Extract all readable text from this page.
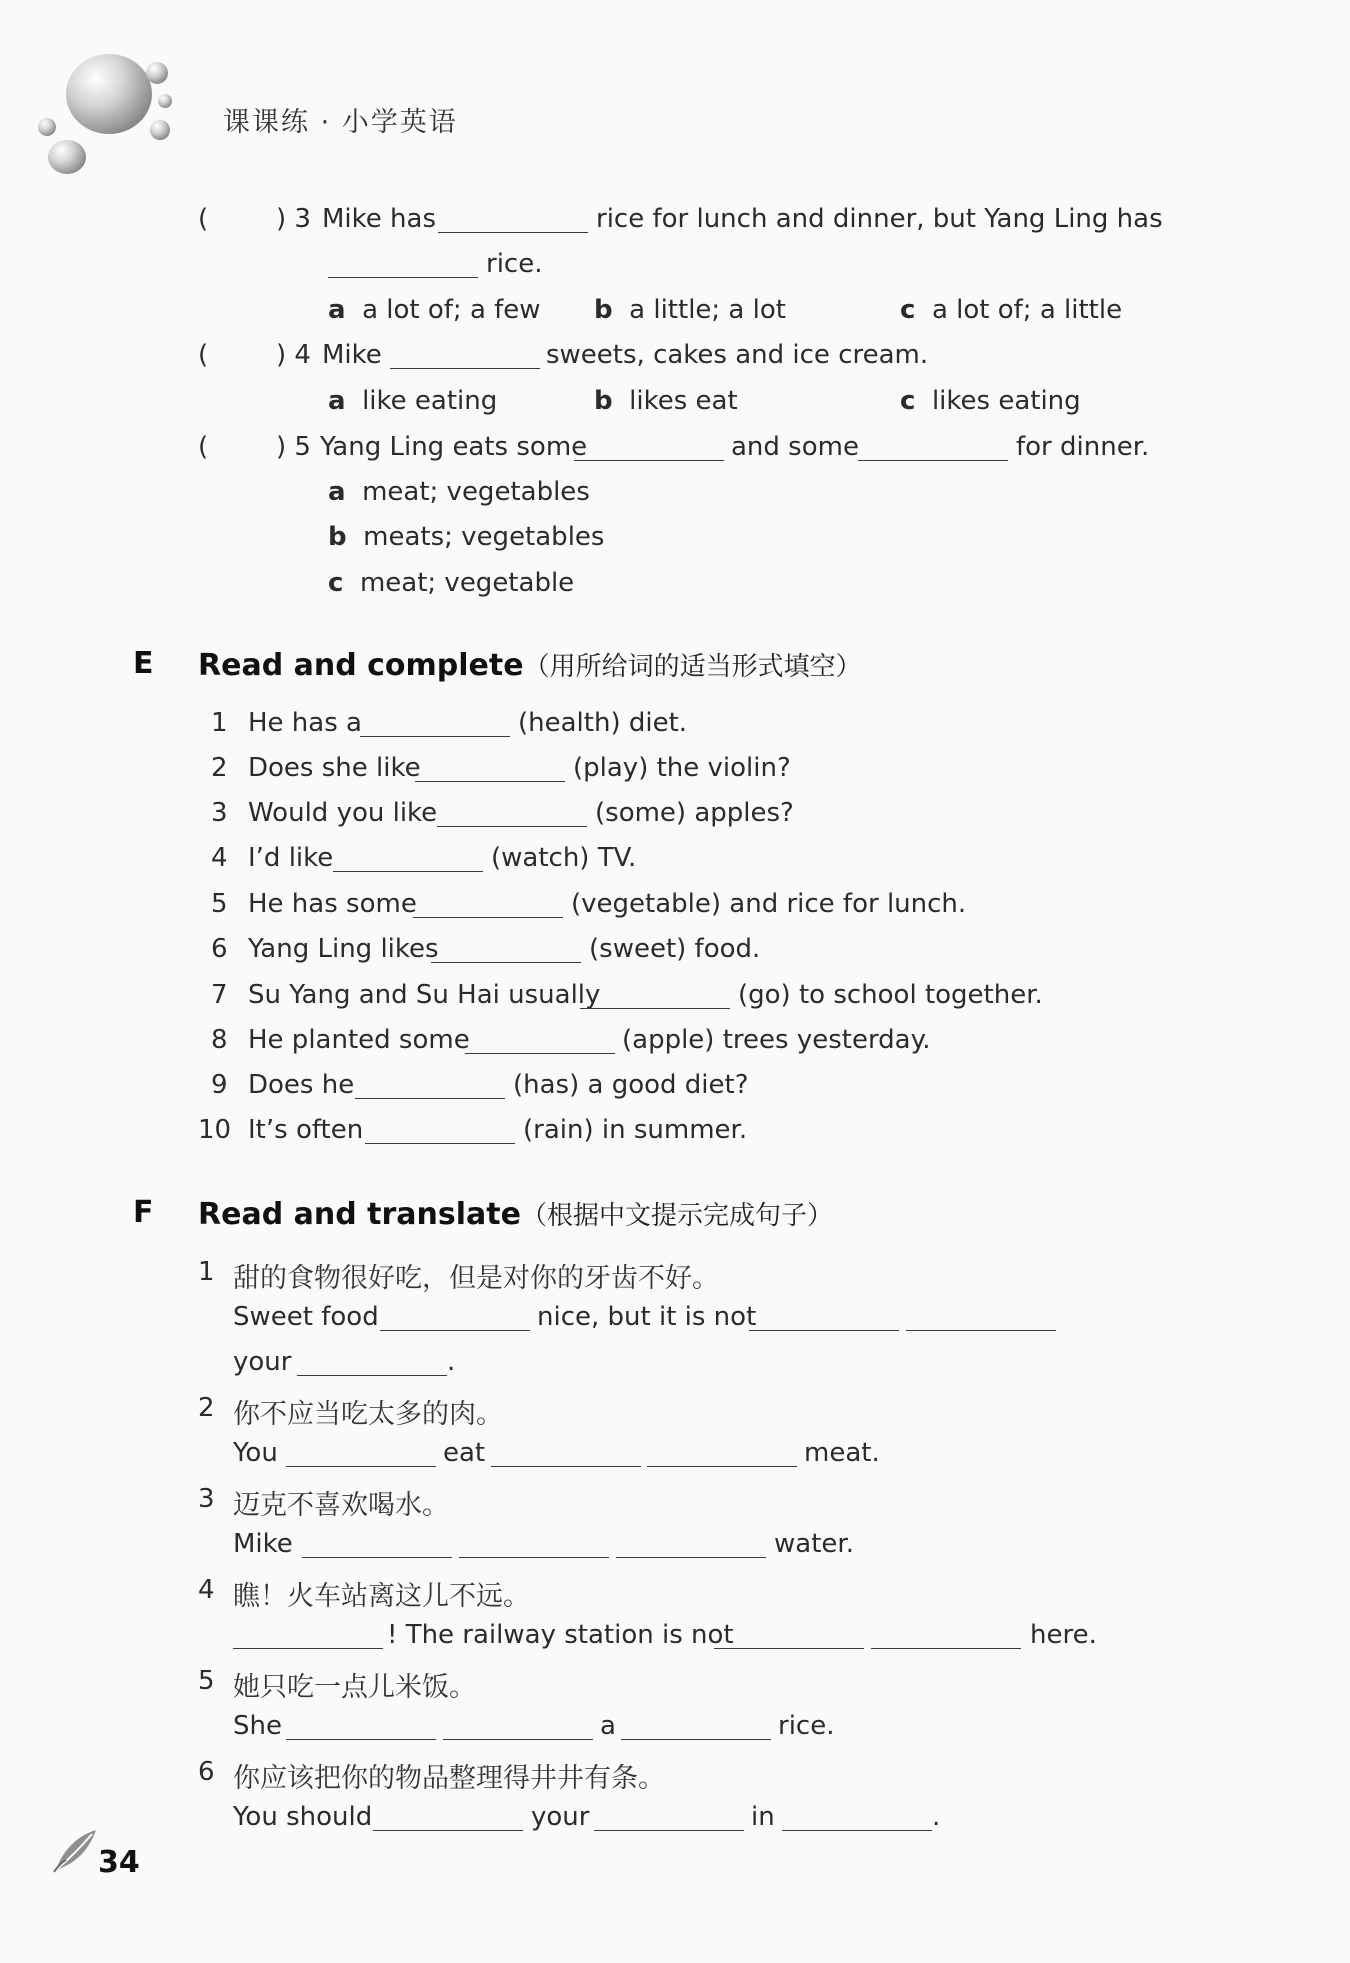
课课练 · 小学英语
(	) 3 Mike has	rice for lunch and dinner, but Yang Ling has
rice.
a a lot of; a few b a little; a lot	c a lot of; a little
(	) 4 Mike	sweets, cakes and ice cream.
a like eating	b likes eat	c likes eating
(	) 5 Yang Ling eats some	and some	for dinner.
a meat; vegetables
b meats; vegetables
c meat; vegetable
E Read and complete（用所给词的适当形式填空）
1 He has a	(health) diet.
2 Does she like	(play) the violin?
3 Would you like	(some) apples?
4 I’d like	(watch) TV.
5 He has some	(vegetable) and rice for lunch.
6 Yang Ling likes	(sweet) food.
7 Su Yang and Su Hai usually	(go) to school together.
8 He planted some	(apple) trees yesterday.
9 Does he	(has) a good diet?
10 It’s often	(rain) in summer.
F Read and translate（根据中文提示完成句子）
1 甜的食物很好吃，但是对你的牙齿不好。
Sweet food	nice, but it is not
your	.
2 你不应当吃太多的肉。
You	eat	meat.
3 迈克不喜欢喝水。
Mike	water.
4 瞧！火车站离这儿不远。
! The railway station is not	here.
5 她只吃一点儿米饭。
She	a	rice.
6 你应该把你的物品整理得井井有条。
You should	your	in	.
34
